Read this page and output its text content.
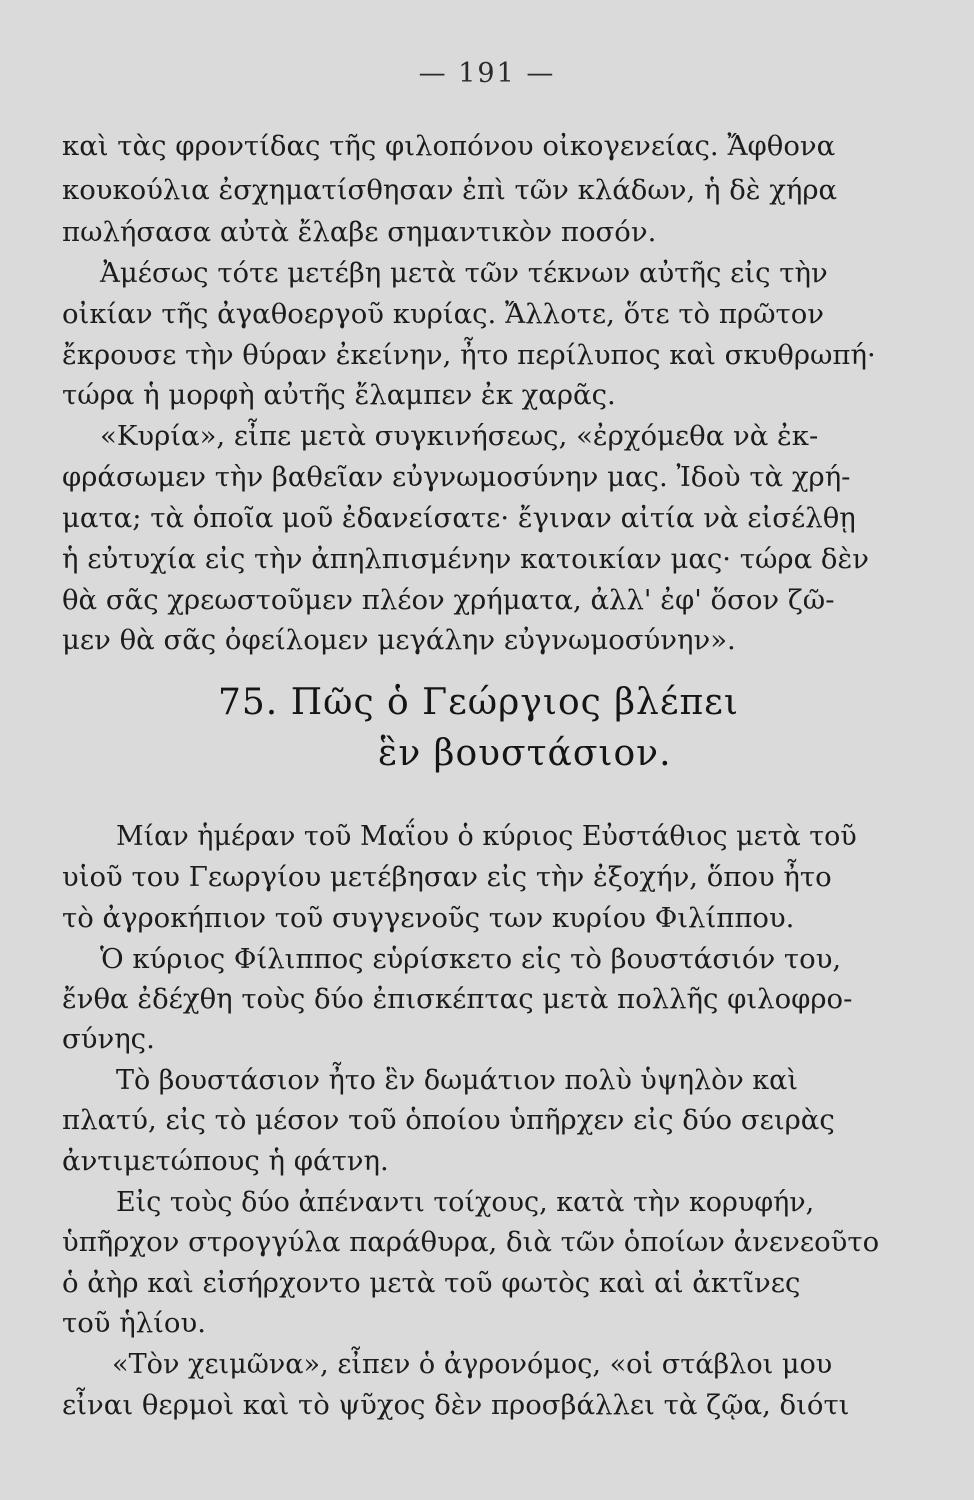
— 191 —
καὶ τὰς φροντίδας τῆς φιλοπόνου οἰκογενείας. Ἄφθονα
κουκούλια ἐσχηματίσθησαν ἐπὶ τῶν κλάδων, ἡ δὲ χήρα
πωλήσασα αὐτὰ ἔλαβε σημαντικὸν ποσόν.
Ἀμέσως τότε μετέβη μετὰ τῶν τέκνων αὐτῆς εἰς τὴν
οἰκίαν τῆς ἀγαθοεργοῦ κυρίας. Ἄλλοτε, ὅτε τὸ πρῶτον
ἔκρουσε τὴν θύραν ἐκείνην, ἦτο περίλυπος καὶ σκυθρωπή·
τώρα ἡ μορφὴ αὐτῆς ἔλαμπεν ἐκ χαρᾶς.
«Κυρία», εἶπε μετὰ συγκινήσεως, «ἐρχόμεθα νὰ ἐκ-
φράσωμεν τὴν βαθεῖαν εὐγνωμοσύνην μας. Ἰδοὺ τὰ χρή-
ματα; τὰ ὁποῖα μοῦ ἐδανείσατε· ἔγιναν αἰτία νὰ εἰσέλθῃ
ἡ εὐτυχία εἰς τὴν ἀπηλπισμένην κατοικίαν μας· τώρα δὲν
θὰ σᾶς χρεωστοῦμεν πλέον χρήματα, ἀλλ' ἐφ' ὅσον ζῶ-
μεν θὰ σᾶς ὀφείλομεν μεγάλην εὐγνωμοσύνην».
75. Πῶς ὁ Γεώργιος βλέπει
ἓν βουστάσιον.
Μίαν ἡμέραν τοῦ Μαΐου ὁ κύριος Εὐστάθιος μετὰ τοῦ
υἱοῦ του Γεωργίου μετέβησαν εἰς τὴν ἐξοχήν, ὅπου ἦτο
τὸ ἀγροκήπιον τοῦ συγγενοῦς των κυρίου Φιλίππου.
Ὁ κύριος Φίλιππος εὑρίσκετο εἰς τὸ βουστάσιόν του,
ἔνθα ἐδέχθη τοὺς δύο ἐπισκέπτας μετὰ πολλῆς φιλοφρο-
σύνης.
Τὸ βουστάσιον ἦτο ἓν δωμάτιον πολὺ ὑψηλὸν καὶ
πλατύ, εἰς τὸ μέσον τοῦ ὁποίου ὑπῆρχεν εἰς δύο σειρὰς
ἀντιμετώπους ἡ φάτνη.
Εἰς τοὺς δύο ἀπέναντι τοίχους, κατὰ τὴν κορυφήν,
ὑπῆρχον στρογγύλα παράθυρα, διὰ τῶν ὁποίων ἀνενεοῦτο
ὁ ἀὴρ καὶ εἰσήρχοντο μετὰ τοῦ φωτὸς καὶ αἱ ἀκτῖνες
τοῦ ἡλίου.
«Τὸν χειμῶνα», εἶπεν ὁ ἀγρονόμος, «οἱ στάβλοι μου
εἶναι θερμοὶ καὶ τὸ ψῦχος δὲν προσβάλλει τὰ ζῷα, διότι
